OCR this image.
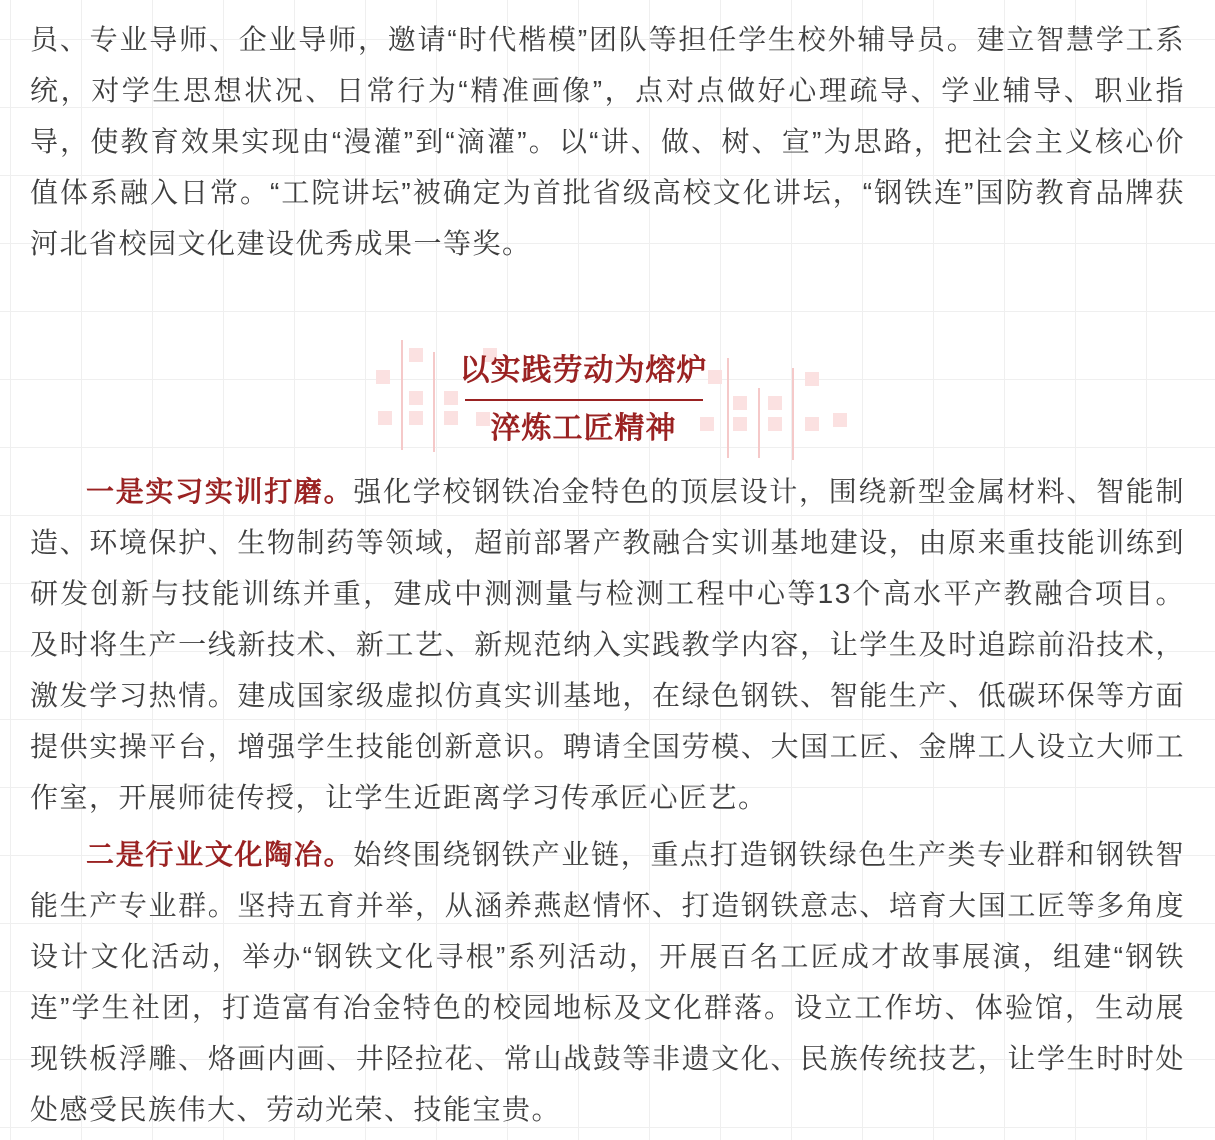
员、专业导师、企业导师，邀请“时代楷模”团队等担任学生校外辅导员。建立智慧学工系统，对学生思想状况、日常行为“精准画像”，点对点做好心理疏导、学业辅导、职业指导，使教育效果实现由“漫灌”到“滴灌”。以“讲、做、树、宣”为思路，把社会主义核心价值体系融入日常。“工院讲坛”被确定为首批省级高校文化讲坛，“钢铁连”国防教育品牌获河北省校园文化建设优秀成果一等奖。

以实践劳动为熔炉
淬炼工匠精神

一是实习实训打磨。强化学校钢铁冶金特色的顶层设计，围绕新型金属材料、智能制造、环境保护、生物制药等领域，超前部署产教融合实训基地建设，由原来重技能训练到研发创新与技能训练并重，建成中测测量与检测工程中心等13个高水平产教融合项目。及时将生产一线新技术、新工艺、新规范纳入实践教学内容，让学生及时追踪前沿技术，激发学习热情。建成国家级虚拟仿真实训基地，在绿色钢铁、智能生产、低碳环保等方面提供实操平台，增强学生技能创新意识。聘请全国劳模、大国工匠、金牌工人设立大师工作室，开展师徒传授，让学生近距离学习传承匠心匠艺。

二是行业文化陶冶。始终围绕钢铁产业链，重点打造钢铁绿色生产类专业群和钢铁智能生产专业群。坚持五育并举，从涵养燕赵情怀、打造钢铁意志、培育大国工匠等多角度设计文化活动，举办“钢铁文化寻根”系列活动，开展百名工匠成才故事展演，组建“钢铁连”学生社团，打造富有冶金特色的校园地标及文化群落。设立工作坊、体验馆，生动展现铁板浮雕、烙画内画、井陉拉花、常山战鼓等非遗文化、民族传统技艺，让学生时时处处感受民族伟大、劳动光荣、技能宝贵。
